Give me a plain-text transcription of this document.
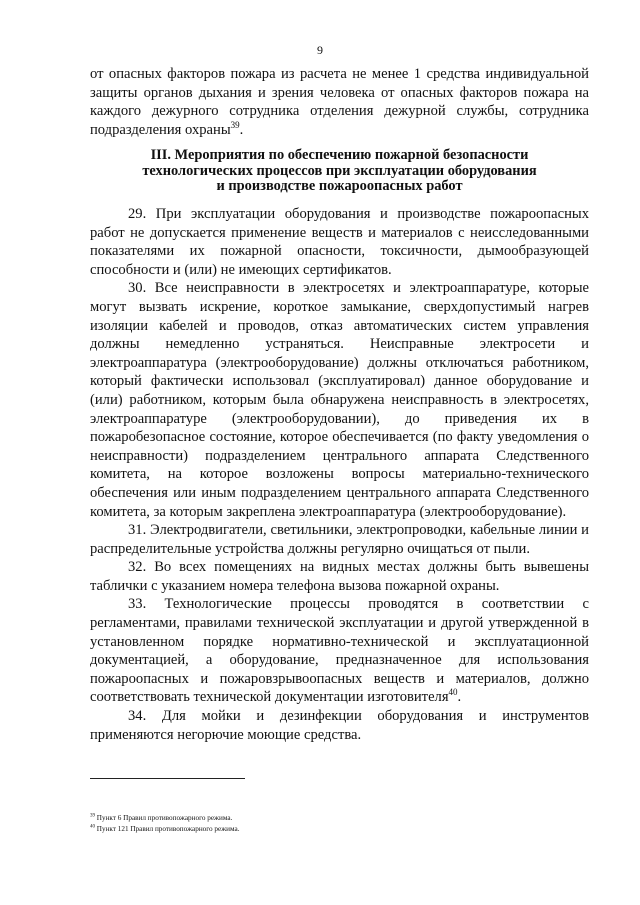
9

от опасных факторов пожара из расчета не менее 1 средства индивидуальной защиты органов дыхания и зрения человека от опасных факторов пожара на каждого дежурного сотрудника отделения дежурной службы, сотрудника подразделения охраны$^{39}$.

III. Мероприятия по обеспечению пожарной безопасности
технологических процессов при эксплуатации оборудования
и производстве пожароопасных работ

29. При эксплуатации оборудования и производстве пожароопасных работ не допускается применение веществ и материалов с неисследованными показателями их пожарной опасности, токсичности, дымообразующей способности и (или) не имеющих сертификатов.

30. Все неисправности в электросетях и электроаппаратуре, которые могут вызвать искрение, короткое замыкание, сверхдопустимый нагрев изоляции кабелей и проводов, отказ автоматических систем управления должны немедленно устраняться. Неисправные электросети и электроаппаратура (электрооборудование) должны отключаться работником, который фактически использовал (эксплуатировал) данное оборудование и (или) работником, которым была обнаружена неисправность в электросетях, электроаппаратуре (электрооборудовании), до приведения их в пожаробезопасное состояние, которое обеспечивается (по факту уведомления о неисправности) подразделением центрального аппарата Следственного комитета, на которое возложены вопросы материально-технического обеспечения или иным подразделением центрального аппарата Следственного комитета, за которым закреплена электроаппаратура (электрооборудование).

31. Электродвигатели, светильники, электропроводки, кабельные линии и распределительные устройства должны регулярно очищаться от пыли.

32. Во всех помещениях на видных местах должны быть вывешены таблички с указанием номера телефона вызова пожарной охраны.

33. Технологические процессы проводятся в соответствии с регламентами, правилами технической эксплуатации и другой утвержденной в установленном порядке нормативно-технической и эксплуатационной документацией, а оборудование, предназначенное для использования пожароопасных и пожаровзрывоопасных веществ и материалов, должно соответствовать технической документации изготовителя$^{40}$.

34. Для мойки и дезинфекции оборудования и инструментов применяются негорючие моющие средства.

$^{39}$ Пункт 6 Правил противопожарного режима.

$^{40}$ Пункт 121 Правил противопожарного режима.
